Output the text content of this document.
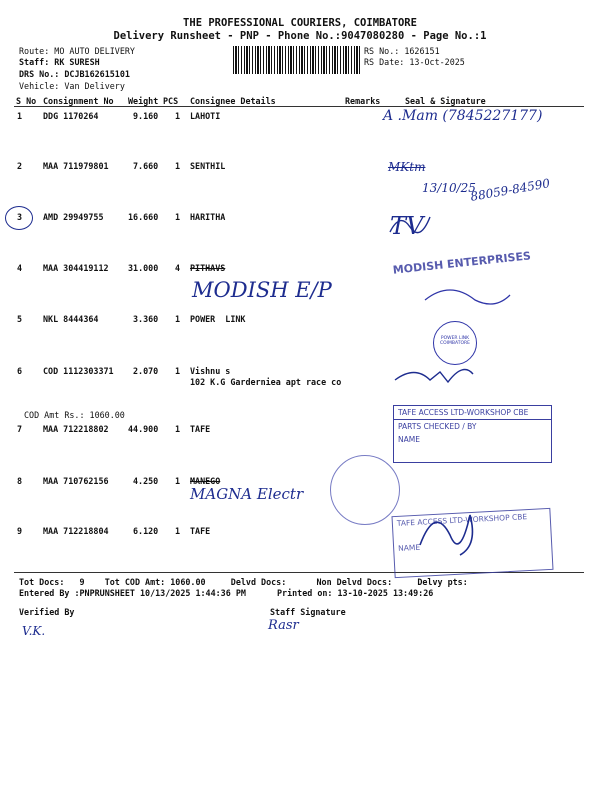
THE PROFESSIONAL COURIERS, COIMBATORE
Delivery Runsheet - PNP - Phone No.:9047080280 - Page No.:1
Route: MO AUTO DELIVERY
Staff: RK SURESH
DRS No.: DCJB162615101
Vehicle: Van Delivery
RS No.: 1626151
RS Date: 13-Oct-2025
S No Consignment No Weight PCS Consignee Details	Remarks	Seal & Signature
1 DDG 1170264	9.160 1 LAHOTI
2 MAA 711979801	7.660 1 SENTHIL
3 AMD 29949755	16.660 1 HARITHA
4 MAA 304419112 31.000 4 PITHAVS
5 NKL 8444364	3.360 1 POWER  LINK
6 COD 1112303371 2.070 1 Vishnu s
102 K.G Garderniea apt race co
COD Amt Rs.: 1060.00
7 MAA 712218802 44.900 1 TAFE
8 MAA 710762156	4.250 1 MANEGO
9 MAA 712218804	6.120 1 TAFE
Tot Docs:   9    Tot COD Amt: 1060.00     Delvd Docs:      Non Delvd Docs:     Delvy pts:
Entered By :PNPRUNSHEET 10/13/2025 1:44:36 PM	Printed on: 13-10-2025 13:49:26
Verified By	Staff Signature
A .Mam (7845227177)
MKtm
13/10/25
88059-84590
TV
MODISH E/P
MAGNA Electr
V.K.	Rasr
MODISH ENTERPRISES
POWER LINK COIMBATORE
TAFE ACCESS LTD-WORKSHOP CBE
PARTS CHECKED / BY
NAME
TAFE ACCESS LTD-WORKSHOP CBE
NAME
